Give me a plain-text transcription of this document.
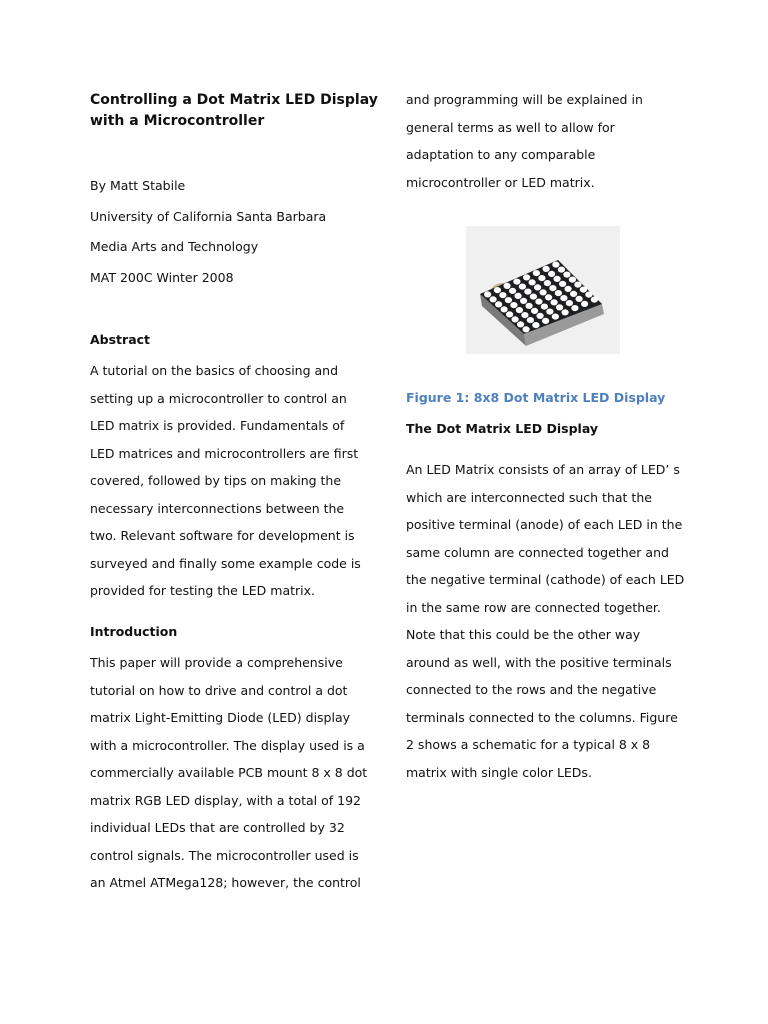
Controlling a Dot Matrix LED Display
with a Microcontroller
By Matt Stabile
University of California Santa Barbara
Media Arts and Technology
MAT 200C Winter 2008
Abstract
A tutorial on the basics of choosing and
setting up a microcontroller to control an
LED matrix is provided. Fundamentals of
LED matrices and microcontrollers are first
covered, followed by tips on making the
necessary interconnections between the
two. Relevant software for development is
surveyed and finally some example code is
provided for testing the LED matrix.
Introduction
This paper will provide a comprehensive
tutorial on how to drive and control a dot
matrix Light-Emitting Diode (LED) display
with a microcontroller. The display used is a
commercially available PCB mount 8 x 8 dot
matrix RGB LED display, with a total of 192
individual LEDs that are controlled by 32
control signals. The microcontroller used is
an Atmel ATMega128; however, the control
and programming will be explained in
general terms as well to allow for
adaptation to any comparable
microcontroller or LED matrix.
Figure 1: 8x8 Dot Matrix LED Display
The Dot Matrix LED Display
An LED Matrix consists of an array of LED’ s
which are interconnected such that the
positive terminal (anode) of each LED in the
same column are connected together and
the negative terminal (cathode) of each LED
in the same row are connected together.
Note that this could be the other way
around as well, with the positive terminals
connected to the rows and the negative
terminals connected to the columns. Figure
2 shows a schematic for a typical 8 x 8
matrix with single color LEDs.
